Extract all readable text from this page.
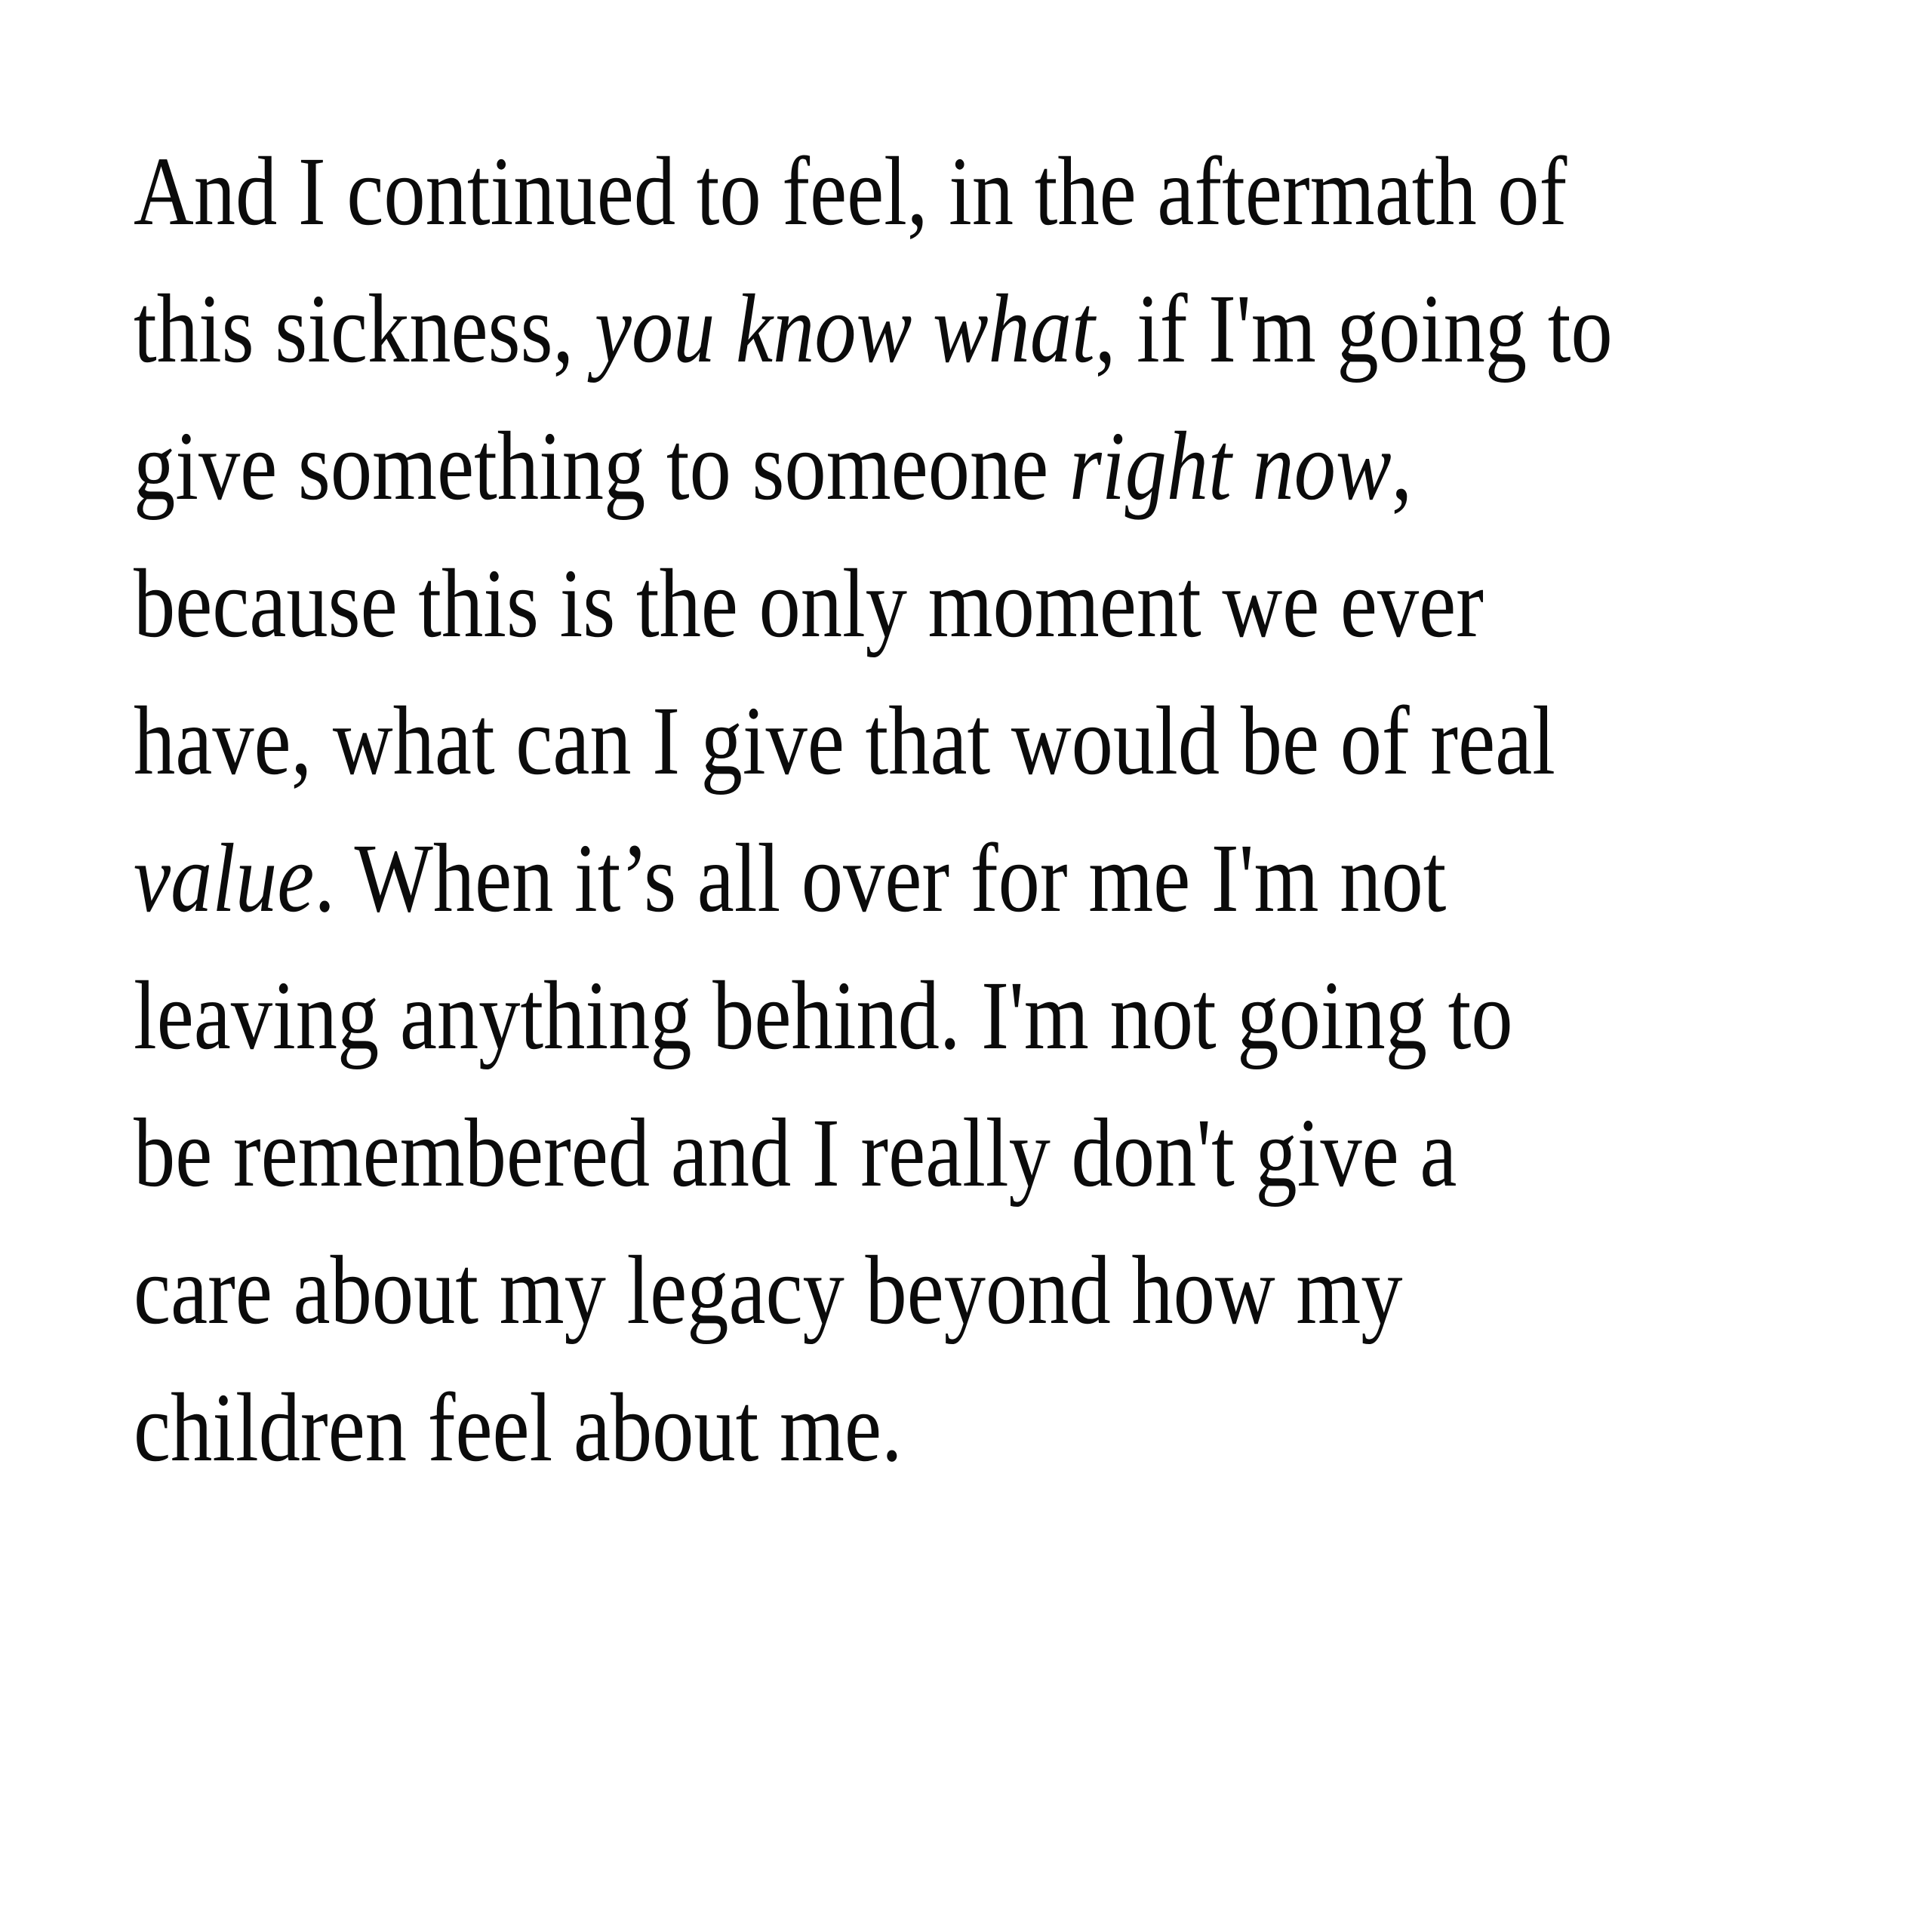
And I continued to feel, in the aftermath of
this sickness, you know what, if I'm going to
give something to someone right now,
because this is the only moment we ever
have, what can I give that would be of real
value. When it’s all over for me I'm not
leaving anything behind. I'm not going to
be remembered and I really don't give a
care about my legacy beyond how my
children feel about me.
